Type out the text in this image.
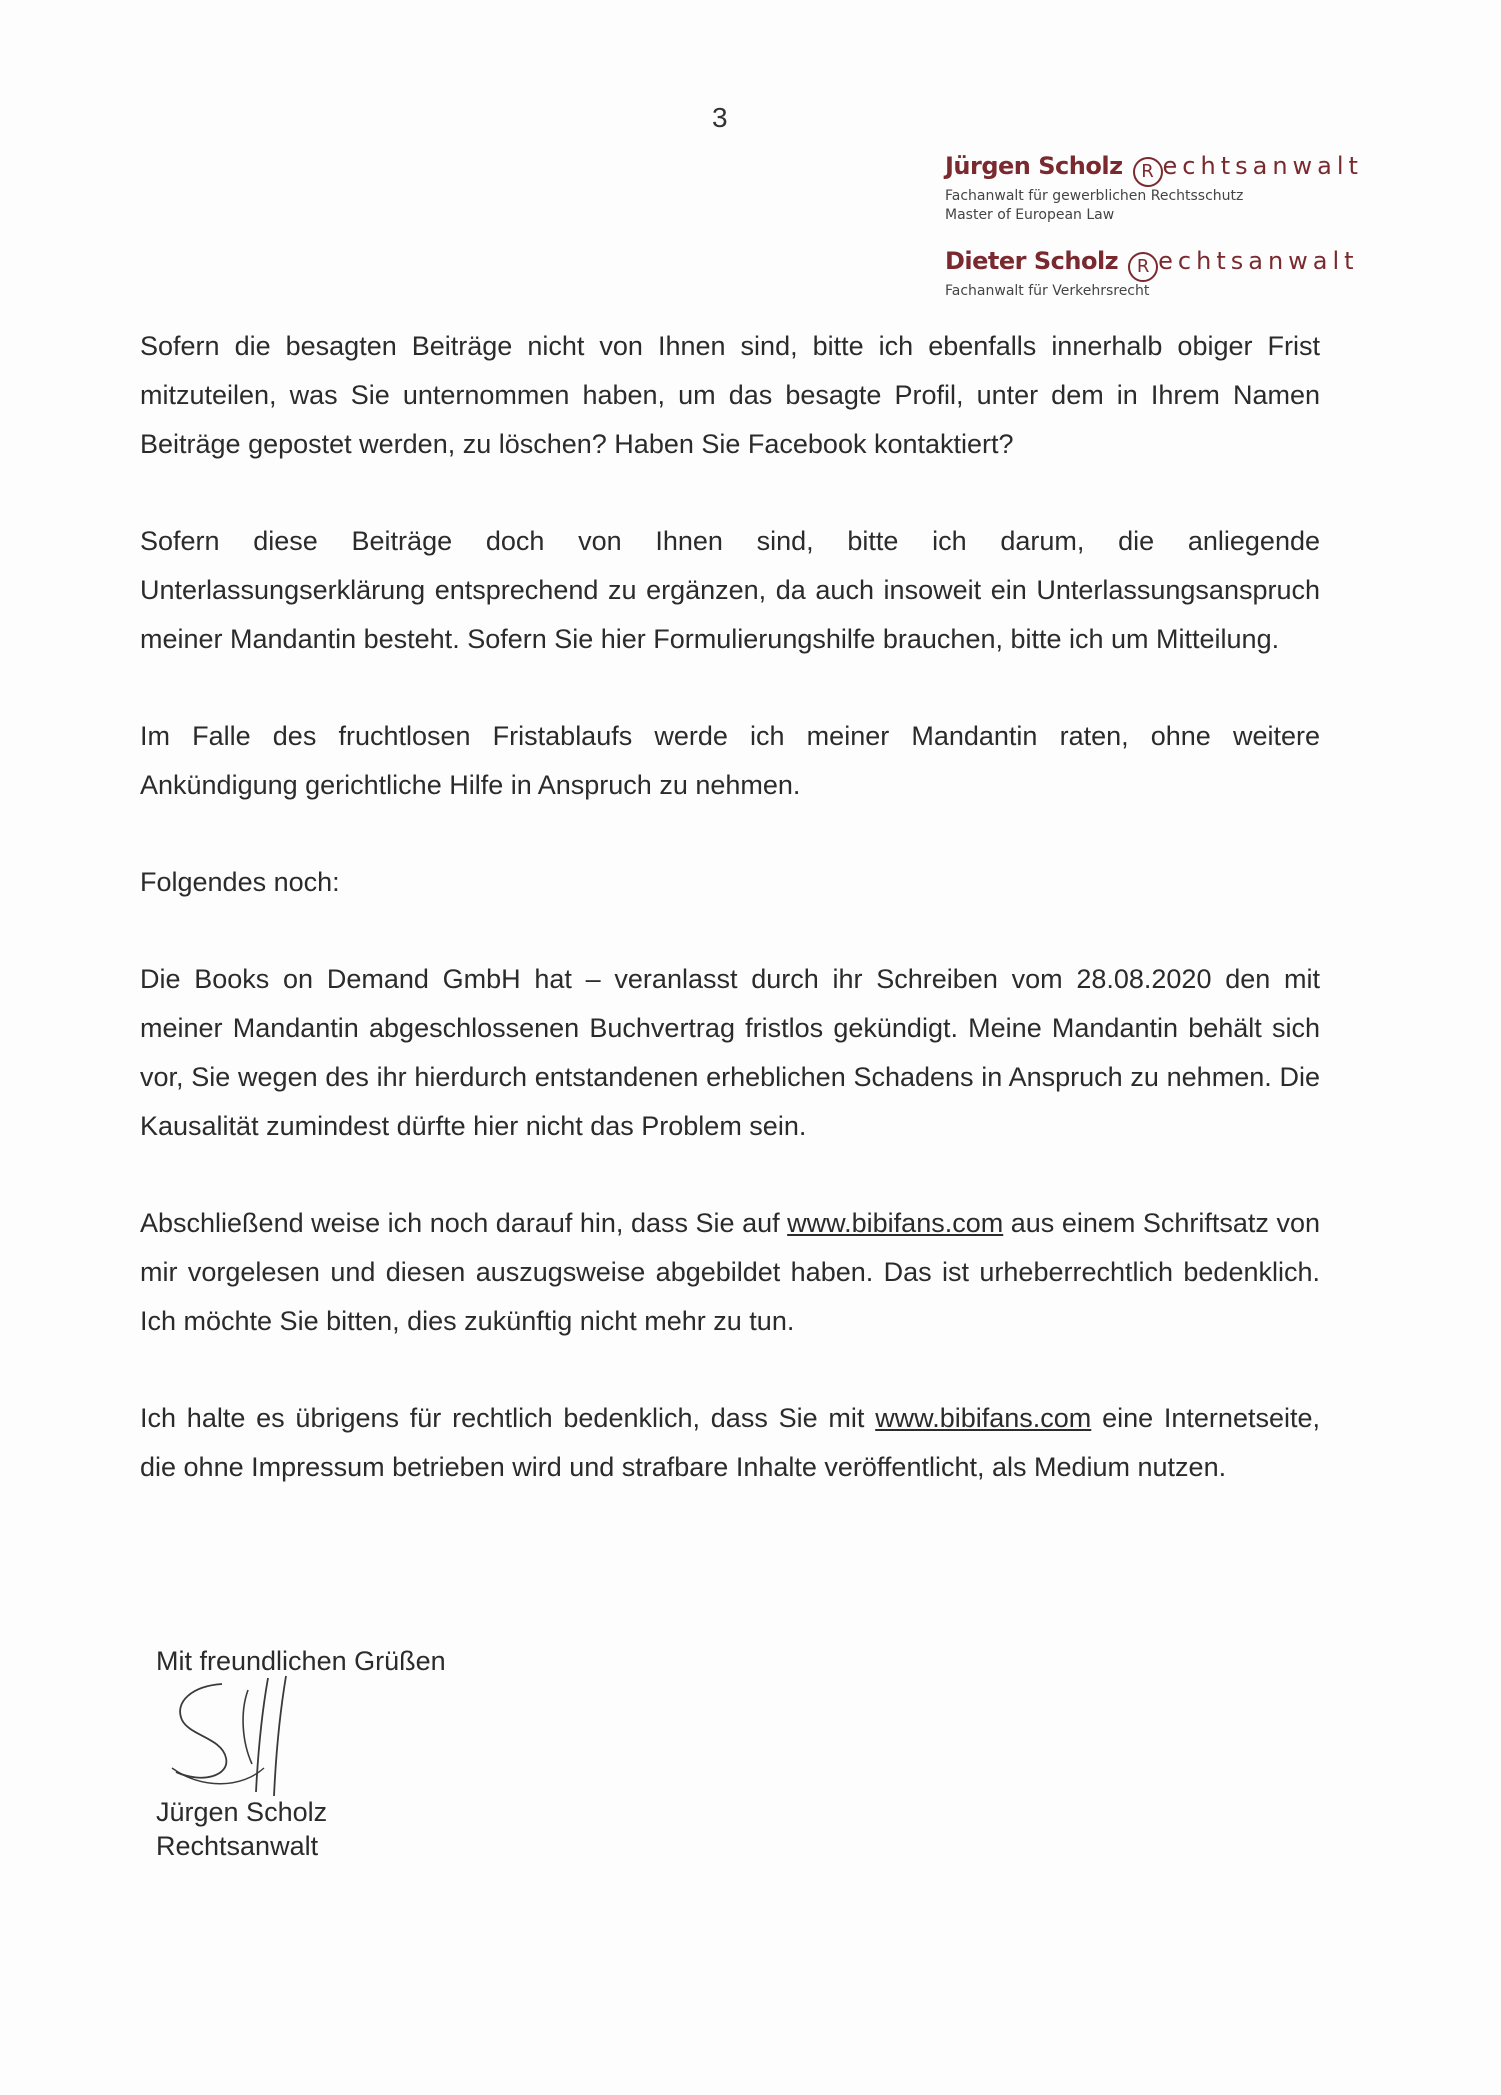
3
Jürgen Scholz R echtsanwalt
Fachanwalt für gewerblichen Rechtsschutz
Master of European Law
Dieter Scholz R echtsanwalt
Fachanwalt für Verkehrsrecht

Sofern die besagten Beiträge nicht von Ihnen sind, bitte ich ebenfalls innerhalb obiger Frist mitzuteilen, was Sie unternommen haben, um das besagte Profil, unter dem in Ihrem Namen Beiträge gepostet werden, zu löschen? Haben Sie Facebook kontaktiert?

Sofern diese Beiträge doch von Ihnen sind, bitte ich darum, die anliegende Unterlassungserklärung entsprechend zu ergänzen, da auch insoweit ein Unterlassungsanspruch meiner Mandantin besteht. Sofern Sie hier Formulierungshilfe brauchen, bitte ich um Mitteilung.

Im Falle des fruchtlosen Fristablaufs werde ich meiner Mandantin raten, ohne weitere Ankündigung gerichtliche Hilfe in Anspruch zu nehmen.

Folgendes noch:

Die Books on Demand GmbH hat – veranlasst durch ihr Schreiben vom 28.08.2020 den mit meiner Mandantin abgeschlossenen Buchvertrag fristlos gekündigt. Meine Mandantin behält sich vor, Sie wegen des ihr hierdurch entstandenen erheblichen Schadens in Anspruch zu nehmen. Die Kausalität zumindest dürfte hier nicht das Problem sein.

Abschließend weise ich noch darauf hin, dass Sie auf www.bibifans.com aus einem Schriftsatz von mir vorgelesen und diesen auszugsweise abgebildet haben. Das ist urheberrechtlich bedenklich. Ich möchte Sie bitten, dies zukünftig nicht mehr zu tun.

Ich halte es übrigens für rechtlich bedenklich, dass Sie mit www.bibifans.com eine Internetseite, die ohne Impressum betrieben wird und strafbare Inhalte veröffentlicht, als Medium nutzen.

Mit freundlichen Grüßen
Jürgen Scholz
Rechtsanwalt
